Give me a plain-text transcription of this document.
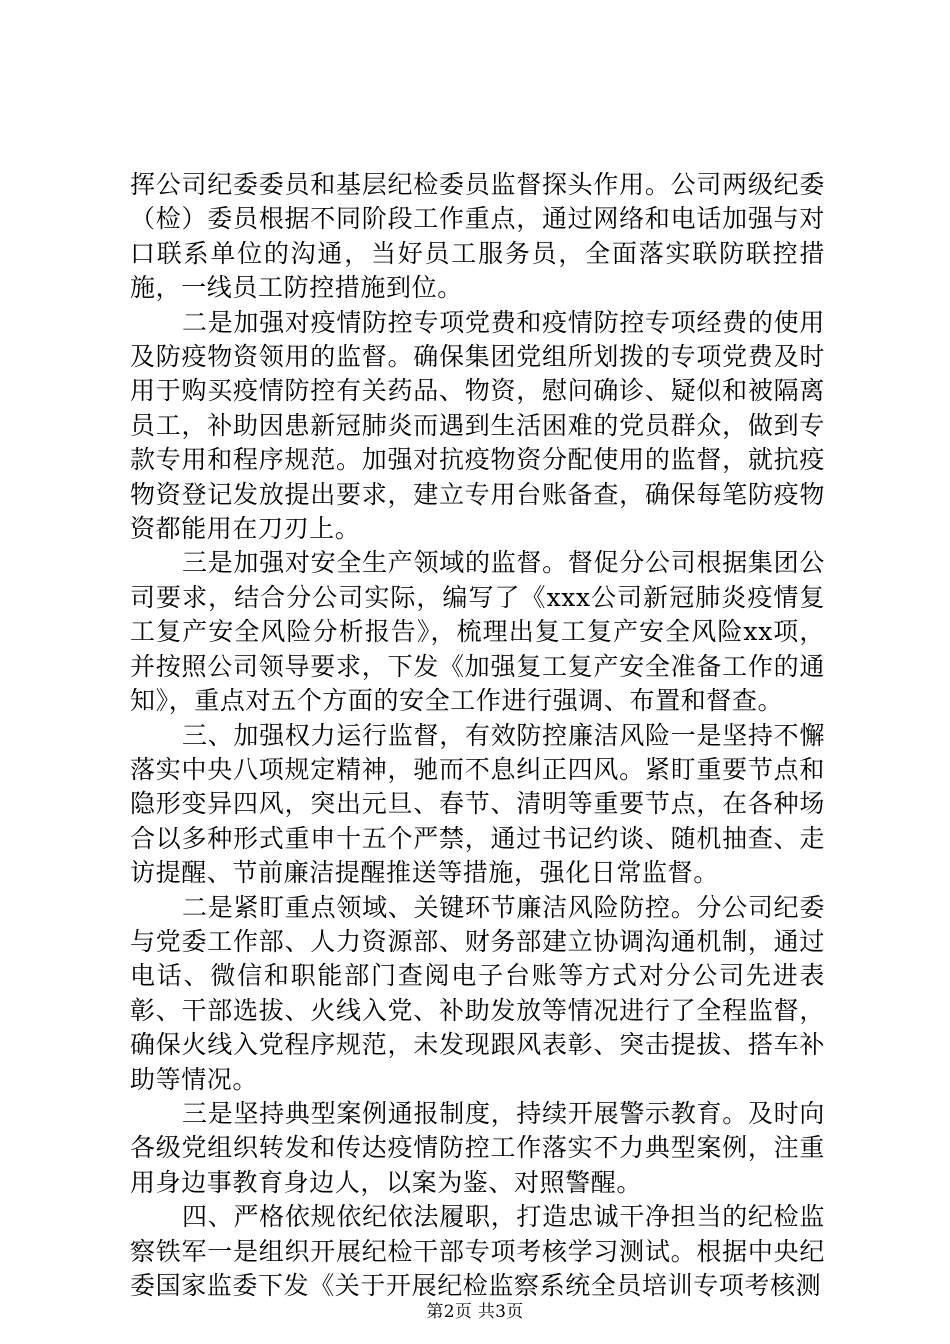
挥公司纪委委员和基层纪检委员监督探头作用。公司两级纪委（检）委员根据不同阶段工作重点，通过网络和电话加强与对口联系单位的沟通，当好员工服务员，全面落实联防联控措施，一线员工防控措施到位。

二是加强对疫情防控专项党费和疫情防控专项经费的使用及防疫物资领用的监督。确保集团党组所划拨的专项党费及时用于购买疫情防控有关药品、物资，慰问确诊、疑似和被隔离员工，补助因患新冠肺炎而遇到生活困难的党员群众，做到专款专用和程序规范。加强对抗疫物资分配使用的监督，就抗疫物资登记发放提出要求，建立专用台账备查，确保每笔防疫物资都能用在刀刃上。

三是加强对安全生产领域的监督。督促分公司根据集团公司要求，结合分公司实际，编写了《xxx公司新冠肺炎疫情复工复产安全风险分析报告》，梳理出复工复产安全风险xx项，并按照公司领导要求，下发《加强复工复产安全准备工作的通知》，重点对五个方面的安全工作进行强调、布置和督查。

三、加强权力运行监督，有效防控廉洁风险一是坚持不懈落实中央八项规定精神，驰而不息纠正四风。紧盯重要节点和隐形变异四风，突出元旦、春节、清明等重要节点，在各种场合以多种形式重申十五个严禁，通过书记约谈、随机抽查、走访提醒、节前廉洁提醒推送等措施，强化日常监督。

二是紧盯重点领域、关键环节廉洁风险防控。分公司纪委与党委工作部、人力资源部、财务部建立协调沟通机制，通过电话、微信和职能部门查阅电子台账等方式对分公司先进表彰、干部选拔、火线入党、补助发放等情况进行了全程监督，确保火线入党程序规范，未发现跟风表彰、突击提拔、搭车补助等情况。

三是坚持典型案例通报制度，持续开展警示教育。及时向各级党组织转发和传达疫情防控工作落实不力典型案例，注重用身边事教育身边人，以案为鉴、对照警醒。

四、严格依规依纪依法履职，打造忠诚干净担当的纪检监察铁军一是组织开展纪检干部专项考核学习测试。根据中央纪委国家监委下发《关于开展纪检监察系统全员培训专项考核测

第2页 共3页
